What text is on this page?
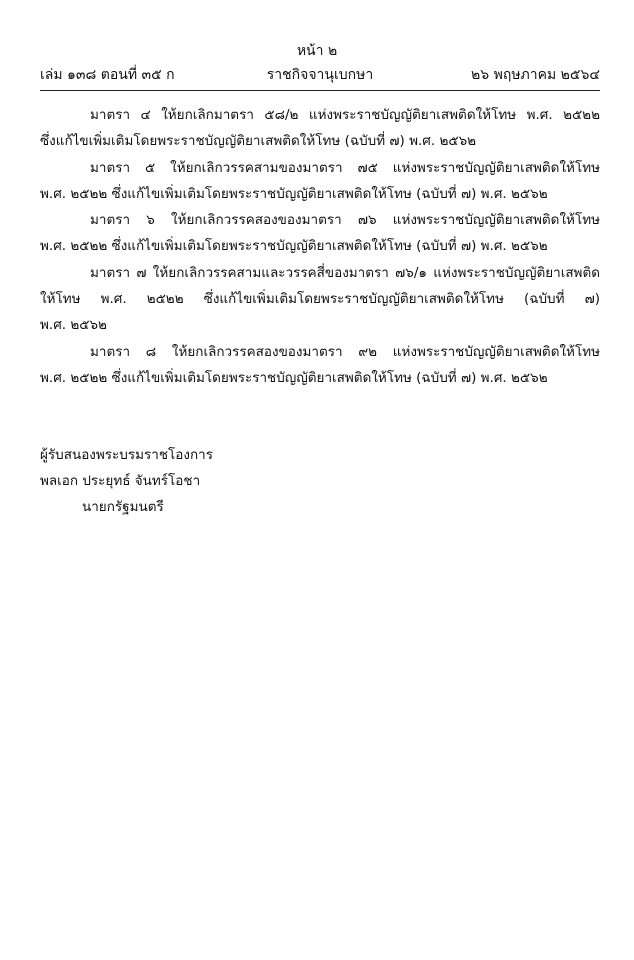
หน้า ๒
เล่ม ๑๓๘ ตอนที่ ๓๕ ก	ราชกิจจานุเบกษา	๒๖ พฤษภาคม ๒๕๖๔
มาตรา ๔ ให้ยกเลิกมาตรา ๕๘/๒ แห่งพระราชบัญญัติยาเสพติดให้โทษ พ.ศ. ๒๕๒๒
ซึ่งแก้ไขเพิ่มเติมโดยพระราชบัญญัติยาเสพติดให้โทษ (ฉบับที่ ๗) พ.ศ. ๒๕๖๒
มาตรา ๕ ให้ยกเลิกวรรคสามของมาตรา ๗๕ แห่งพระราชบัญญัติยาเสพติดให้โทษ
พ.ศ. ๒๕๒๒ ซึ่งแก้ไขเพิ่มเติมโดยพระราชบัญญัติยาเสพติดให้โทษ (ฉบับที่ ๗) พ.ศ. ๒๕๖๒
มาตรา ๖ ให้ยกเลิกวรรคสองของมาตรา ๗๖ แห่งพระราชบัญญัติยาเสพติดให้โทษ
พ.ศ. ๒๕๒๒ ซึ่งแก้ไขเพิ่มเติมโดยพระราชบัญญัติยาเสพติดให้โทษ (ฉบับที่ ๗) พ.ศ. ๒๕๖๒
มาตรา ๗ ให้ยกเลิกวรรคสามและวรรคสี่ของมาตรา ๗๖/๑ แห่งพระราชบัญญัติยาเสพติด
ให้โทษ พ.ศ. ๒๕๒๒ ซึ่งแก้ไขเพิ่มเติมโดยพระราชบัญญัติยาเสพติดให้โทษ (ฉบับที่ ๗)
พ.ศ. ๒๕๖๒
มาตรา ๘ ให้ยกเลิกวรรคสองของมาตรา ๙๒ แห่งพระราชบัญญัติยาเสพติดให้โทษ
พ.ศ. ๒๕๒๒ ซึ่งแก้ไขเพิ่มเติมโดยพระราชบัญญัติยาเสพติดให้โทษ (ฉบับที่ ๗) พ.ศ. ๒๕๖๒
ผู้รับสนองพระบรมราชโองการ
พลเอก ประยุทธ์ จันทร์โอชา
นายกรัฐมนตรี
